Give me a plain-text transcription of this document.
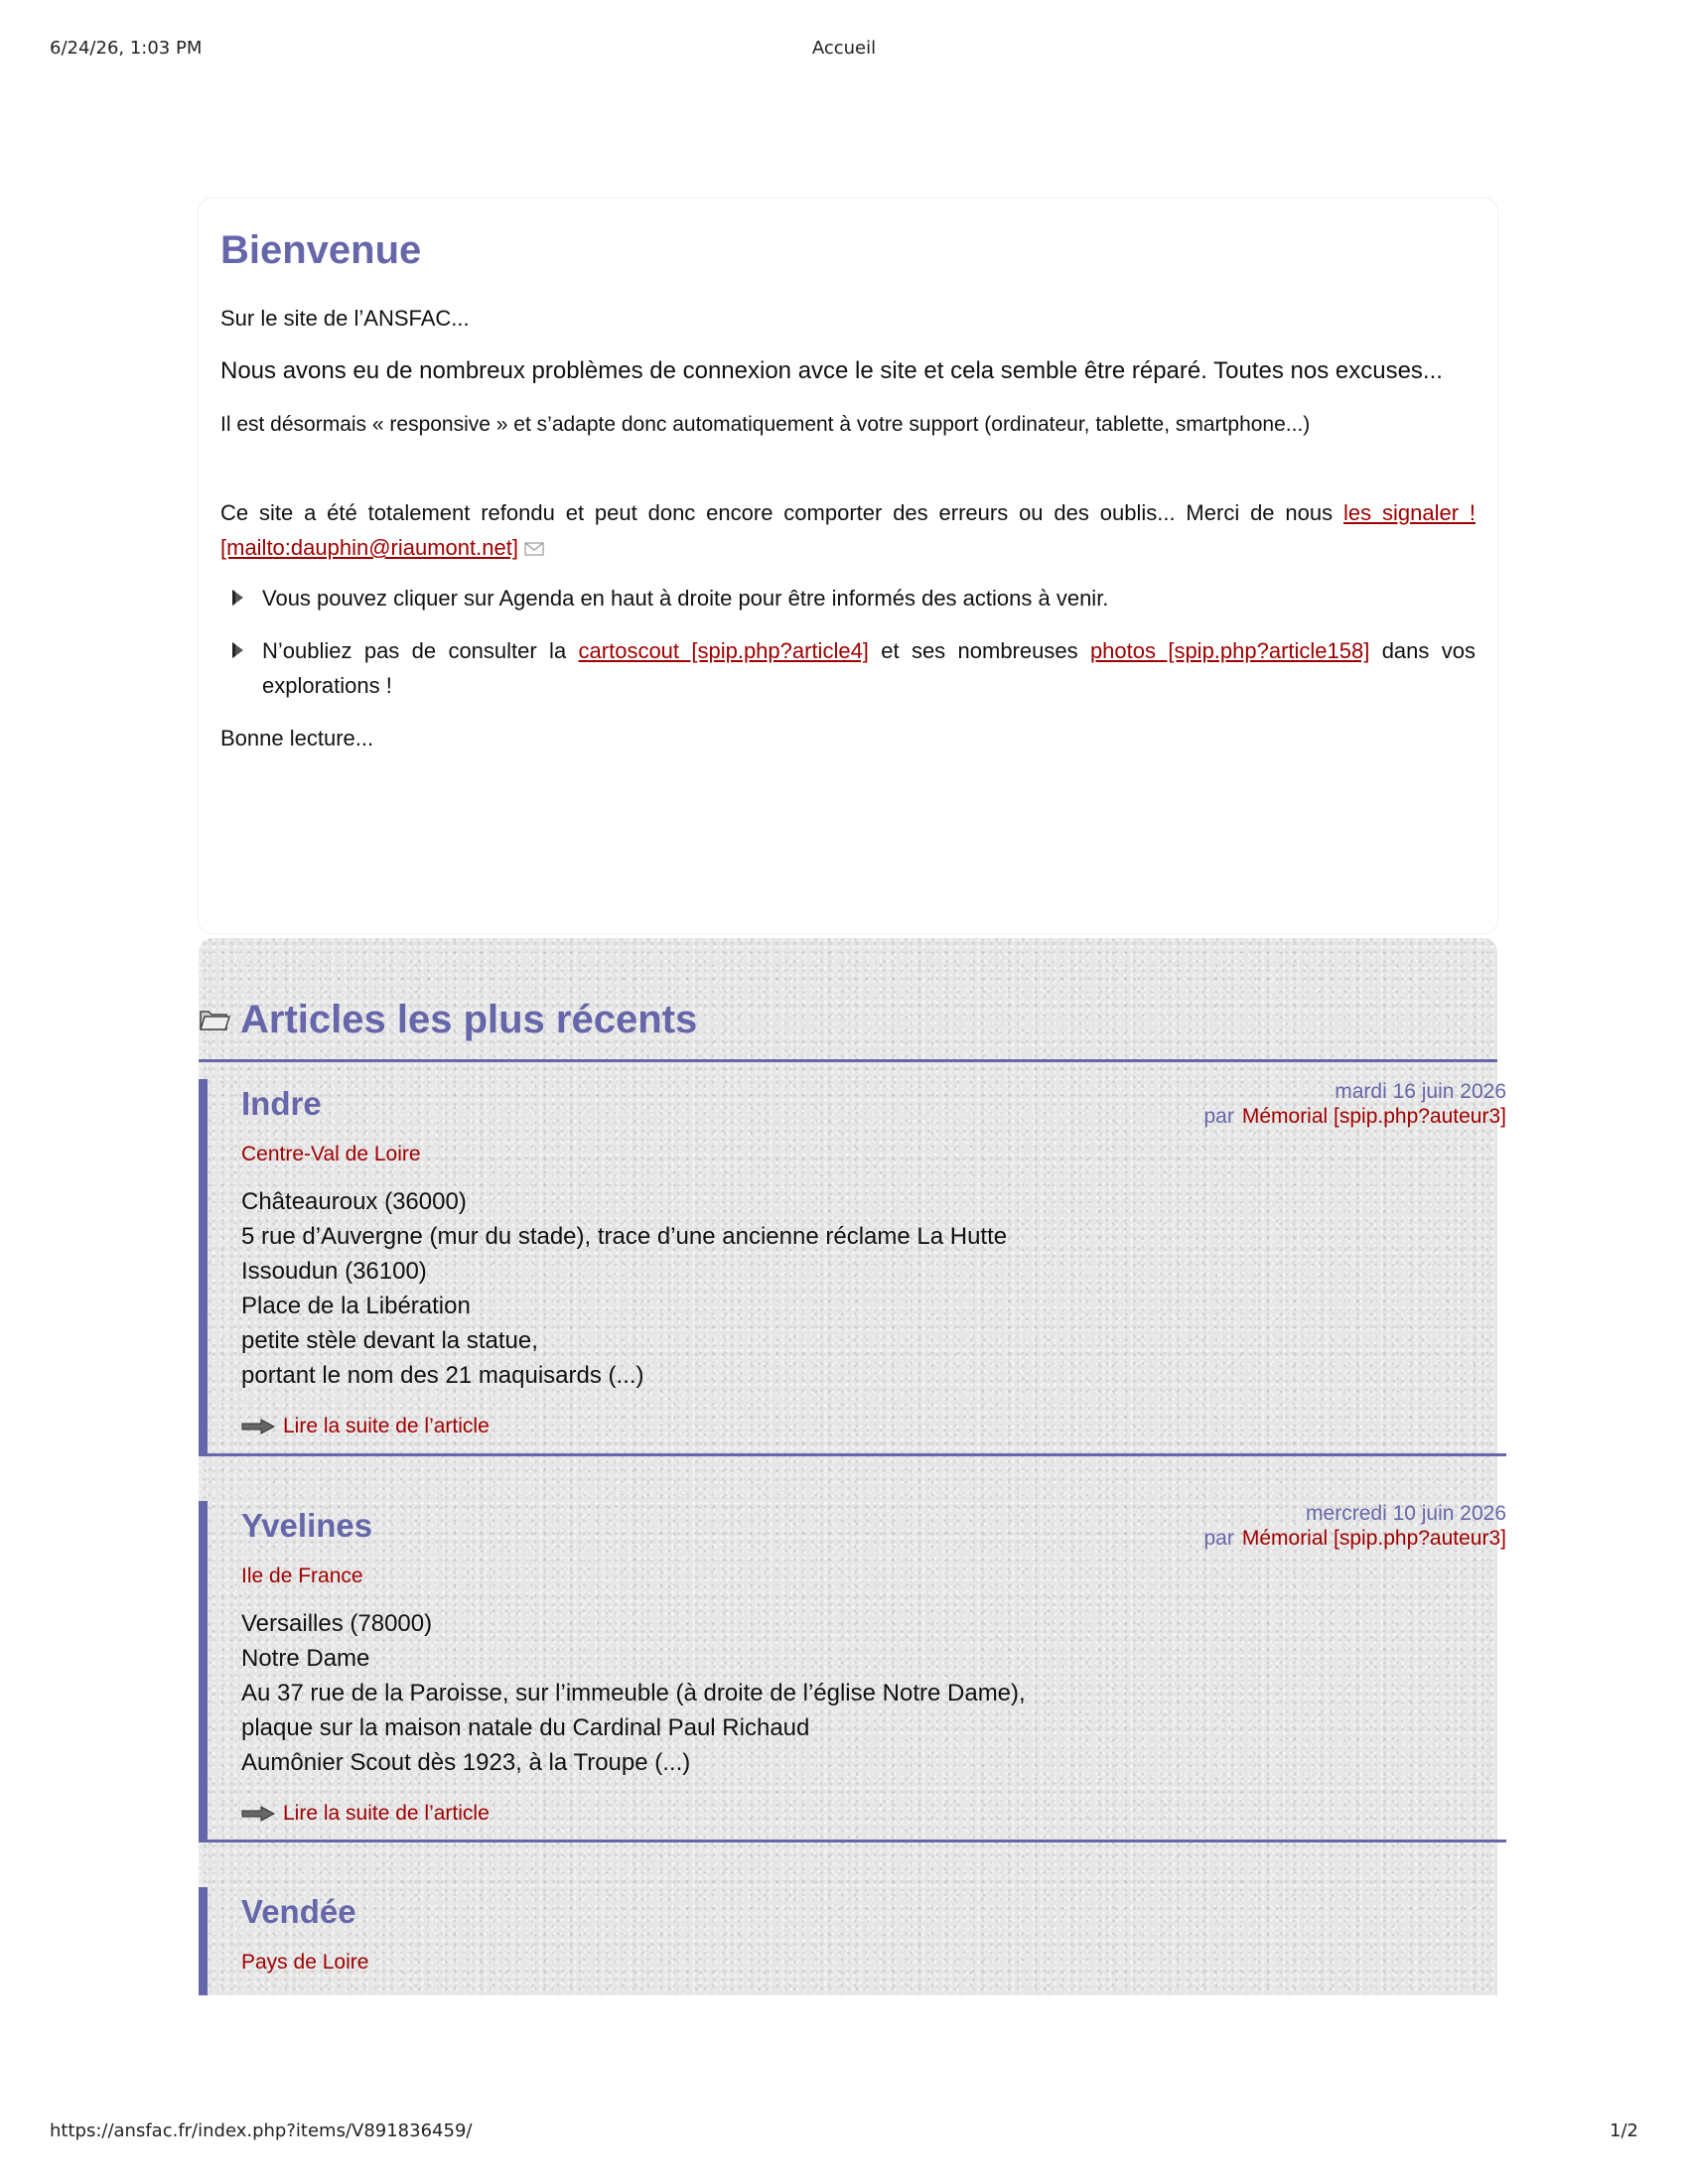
6/24/26, 1:03 PM	Accueil
Bienvenue

Sur le site de l’ANSFAC...

Nous avons eu de nombreux problèmes de connexion avce le site et cela semble être réparé. Toutes nos excuses...

Il est désormais « responsive » et s’adapte donc automatiquement à votre support (ordinateur, tablette, smartphone...)

Ce site a été totalement refondu et peut donc encore comporter des erreurs ou des oublis... Merci de nous les signaler ! [mailto:dauphin@riaumont.net]

Vous pouvez cliquer sur Agenda en haut à droite pour être informés des actions à venir.
N’oubliez pas de consulter la cartoscout [spip.php?article4] et ses nombreuses photos [spip.php?article158] dans vos explorations !

Bonne lecture...

Articles les plus récents
Indre	mardi 16 juin 2026
par Mémorial [spip.php?auteur3]
Centre-Val de Loire
Châteauroux (36000)
5 rue d’Auvergne (mur du stade), trace d’une ancienne réclame La Hutte
Issoudun (36100)
Place de la Libération
petite stèle devant la statue,
portant le nom des 21 maquisards (...)
Lire la suite de l’article
Yvelines	mercredi 10 juin 2026
par Mémorial [spip.php?auteur3]
Ile de France
Versailles (78000)
Notre Dame
Au 37 rue de la Paroisse, sur l’immeuble (à droite de l’église Notre Dame),
plaque sur la maison natale du Cardinal Paul Richaud
Aumônier Scout dès 1923, à la Troupe (...)
Lire la suite de l’article
Vendée
Pays de Loire
https://ansfac.fr/index.php?items/V891836459/	1/2
